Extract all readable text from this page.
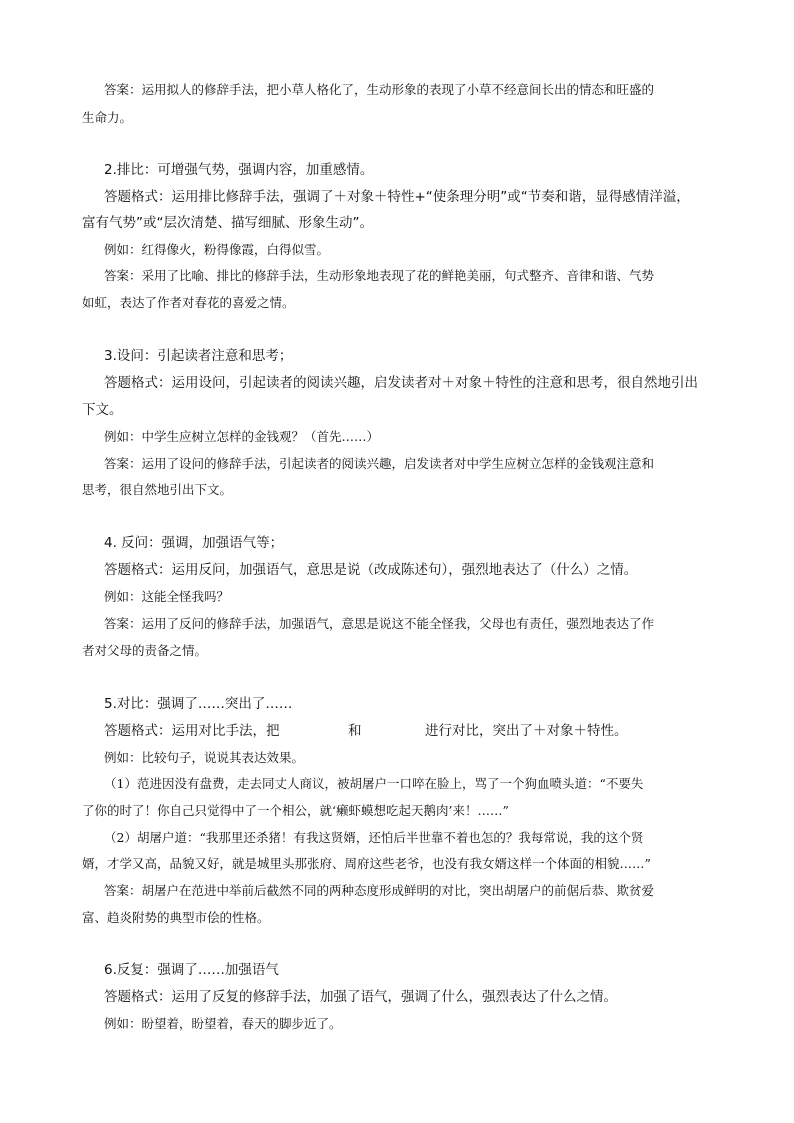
答案：运用拟人的修辞手法，把小草人格化了，生动形象的表现了小草不经意间长出的情态和旺盛的
生命力。
2.排比：可增强气势，强调内容，加重感情。
答题格式：运用排比修辞手法，强调了＋对象＋特性+“使条理分明”或“节奏和谐，显得感情洋溢，
富有气势”或“层次清楚、描写细腻、形象生动”。
例如：红得像火，粉得像霞，白得似雪。
答案：采用了比喻、排比的修辞手法，生动形象地表现了花的鲜艳美丽，句式整齐、音律和谐、气势
如虹，表达了作者对春花的喜爱之情。
3.设问：引起读者注意和思考；
答题格式：运用设问，引起读者的阅读兴趣，启发读者对＋对象＋特性的注意和思考，很自然地引出
下文。
例如：中学生应树立怎样的金钱观？（首先……）
答案：运用了设问的修辞手法，引起读者的阅读兴趣，启发读者对中学生应树立怎样的金钱观注意和
思考，很自然地引出下文。
4. 反问：强调，加强语气等；
答题格式：运用反问，加强语气，意思是说（改成陈述句），强烈地表达了（什么）之情。
例如：这能全怪我吗？
答案：运用了反问的修辞手法，加强语气，意思是说这不能全怪我，父母也有责任，强烈地表达了作
者对父母的责备之情。
5.对比：强调了……突出了……
答题格式：运用对比手法，把	和	进行对比，突出了＋对象＋特性。
例如：比较句子，说说其表达效果。
（1）范进因没有盘费，走去同丈人商议，被胡屠户一口啐在脸上，骂了一个狗血喷头道：“不要失
了你的时了！你自己只觉得中了一个相公，就‘癞虾蟆想吃起天鹅肉’来！……”
（2）胡屠户道：“我那里还杀猪！有我这贤婿，还怕后半世靠不着也怎的？我每常说，我的这个贤
婿，才学又高，品貌又好，就是城里头那张府、周府这些老爷，也没有我女婿这样一个体面的相貌……”
答案：胡屠户在范进中举前后截然不同的两种态度形成鲜明的对比，突出胡屠户的前倨后恭、欺贫爱
富、趋炎附势的典型市侩的性格。
6.反复：强调了……加强语气
答题格式：运用了反复的修辞手法，加强了语气，强调了什么，强烈表达了什么之情。
例如：盼望着，盼望着，春天的脚步近了。
